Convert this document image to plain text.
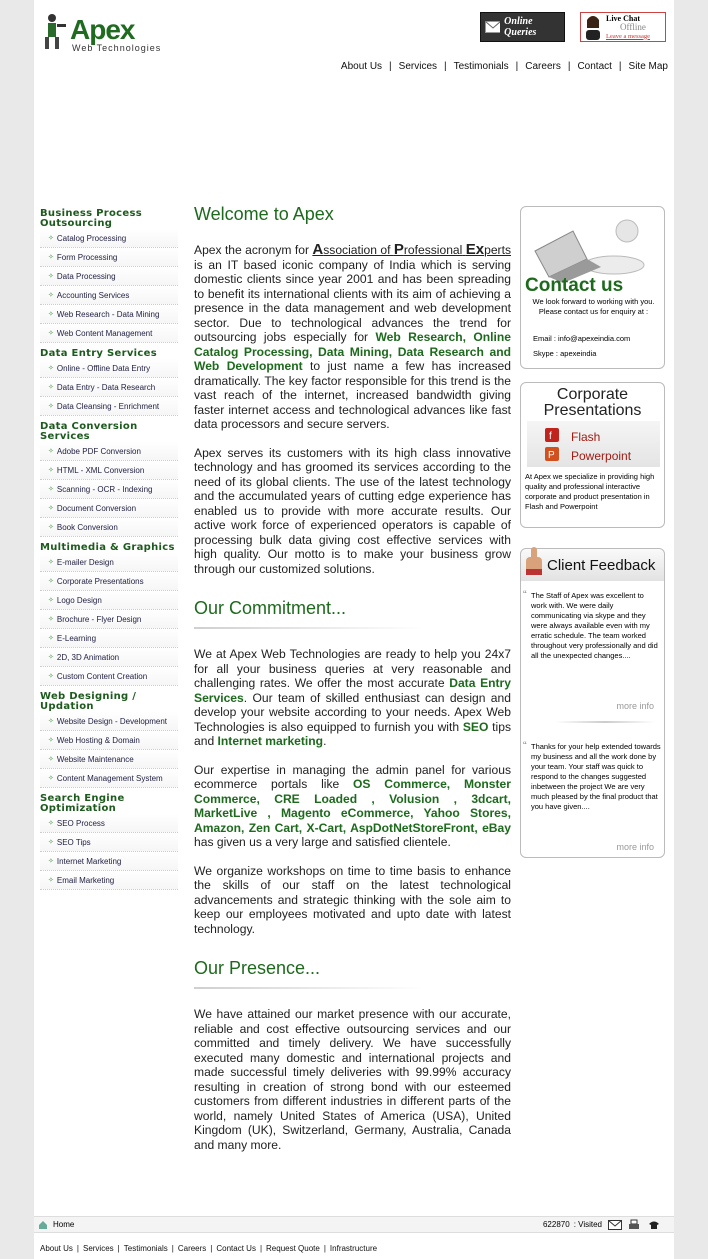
Apex
Web Technologies
Online Queries
Live Chat
Offline
Leave a message
About Us | Services | Testimonials | Careers | Contact | Site Map
Business Process Outsourcing
✧ Catalog Processing
✧ Form Processing
✧ Data Processing
✧ Accounting Services
✧ Web Research - Data Mining
✧ Web Content Management
Data Entry Services
✧ Online - Offline Data Entry
✧ Data Entry - Data Research
✧ Data Cleansing - Enrichment
Data Conversion Services
✧ Adobe PDF Conversion
✧ HTML - XML Conversion
✧ Scanning - OCR - Indexing
✧ Document Conversion
✧ Book Conversion
Multimedia & Graphics
✧ E-mailer Design
✧ Corporate Presentations
✧ Logo Design
✧ Brochure - Flyer Design
✧ E-Learning
✧ 2D, 3D Animation
✧ Custom Content Creation
Web Designing / Updation
✧ Website Design - Development
✧ Web Hosting & Domain
✧ Website Maintenance
✧ Content Management System
Search Engine Optimization
✧ SEO Process
✧ SEO Tips
✧ Internet Marketing
✧ Email Marketing
Welcome to Apex
Apex the acronym for Association of Professional Experts is an IT based iconic company of India which is serving domestic clients since year 2001 and has been spreading to benefit its international clients with its aim of achieving a presence in the data management and web development sector. Due to technological advances the trend for outsourcing jobs especially for Web Research, Online Catalog Processing, Data Mining, Data Research and Web Development to just name a few has increased dramatically. The key factor responsible for this trend is the vast reach of the internet, increased bandwidth giving faster internet access and technological advances like fast data processors and secure servers.
Apex serves its customers with its high class innovative technology and has groomed its services according to the need of its global clients. The use of the latest technology and the accumulated years of cutting edge experience has enabled us to provide with more accurate results. Our active work force of experienced operators is capable of processing bulk data giving cost effective services with high quality. Our motto is to make your business grow through our customized solutions.
Our Commitment...
We at Apex Web Technologies are ready to help you 24x7 for all your business queries at very reasonable and challenging rates. We offer the most accurate Data Entry Services. Our team of skilled enthusiast can design and develop your website according to your needs. Apex Web Technologies is also equipped to furnish you with SEO tips and Internet marketing.
Our expertise in managing the admin panel for various ecommerce portals like OS Commerce, Monster Commerce, CRE Loaded , Volusion , 3dcart, MarketLive , Magento eCommerce, Yahoo Stores, Amazon, Zen Cart, X-Cart, AspDotNetStoreFront, eBay has given us a very large and satisfied clientele.
We organize workshops on time to time basis to enhance the skills of our staff on the latest technological advancements and strategic thinking with the sole aim to keep our employees motivated and upto date with latest technology.
Our Presence...
We have attained our market presence with our accurate, reliable and cost effective outsourcing services and our committed and timely delivery. We have successfully executed many domestic and international projects and made successful timely deliveries with 99.99% accuracy resulting in creation of strong bond with our esteemed customers from different industries in different parts of the world, namely United States of America (USA), United Kingdom (UK), Switzerland, Germany, Australia, Canada and many more.
Contact us
We look forward to working with you. Please contact us for enquiry at :
Email : info@apexeindia.com
Skype : apexeindia
Corporate Presentations
f Flash
P Powerpoint
At Apex we specialize in providing high quality and professional interactive corporate and product presentation in Flash and Powerpoint
Client Feedback
“ The Staff of Apex was excellent to work with. We were daily communicating via skype and they were always available even with my erratic schedule. The team worked throughout very professionally and did all the unexpected changes....
more info
“ Thanks for your help extended towards my business and all the work done by your team. Your staff was quick to respond to the changes suggested inbetween the project We are very much pleased by the final product that you have given....
more info
Home	622870 : Visited
About Us | Services | Testimonials | Careers | Contact Us | Request Quote | Infrastructure
